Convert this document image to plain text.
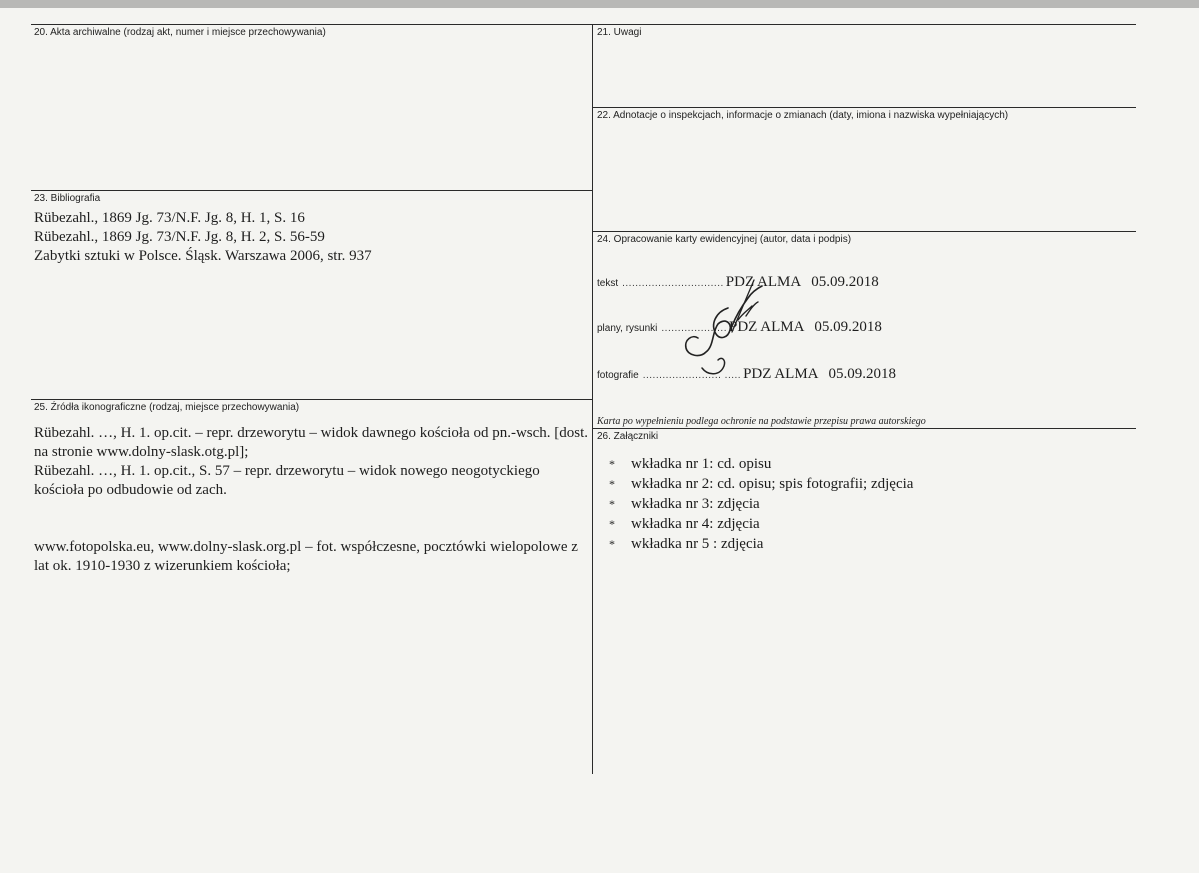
20. Akta archiwalne (rodzaj akt, numer i miejsce przechowywania)	21. Uwagi
22. Adnotacje o inspekcjach, informacje o zmianach (daty, imiona i nazwiska wypełniających)
23. Bibliografia
Rübezahl., 1869 Jg. 73/N.F. Jg. 8, H. 1, S. 16
Rübezahl., 1869 Jg. 73/N.F. Jg. 8, H. 2, S. 56-59
Zabytki sztuki w Polsce. Śląsk. Warszawa 2006, str. 937
24. Opracowanie karty ewidencyjnej (autor, data i podpis)
tekst ............................... PDZ ALMA 05.09.2018
plany, rysunki .................... PDZ ALMA 05.09.2018
fotografie ........................ ..... PDZ ALMA 05.09.2018
Karta po wypełnieniu podlega ochronie na podstawie przepisu prawa autorskiego
25. Źródła ikonograficzne (rodzaj, miejsce przechowywania)

Rübezahl. …, H. 1. op.cit. – repr. drzeworytu – widok dawnego kościoła od pn.-wsch. [dost. na stronie www.dolny-slask.otg.pl];

Rübezahl. …, H. 1. op.cit., S. 57 – repr. drzeworytu – widok nowego neogotyckiego kościoła po odbudowie od zach.

www.fotopolska.eu, www.dolny-slask.org.pl – fot. współczesne, pocztówki wielopolowe z lat ok. 1910-1930 z wizerunkiem kościoła;

26. Załączniki
* wkładka nr 1: cd. opisu
* wkładka nr 2: cd. opisu; spis fotografii; zdjęcia
* wkładka nr 3: zdjęcia
* wkładka nr 4: zdjęcia
* wkładka nr 5 : zdjęcia
